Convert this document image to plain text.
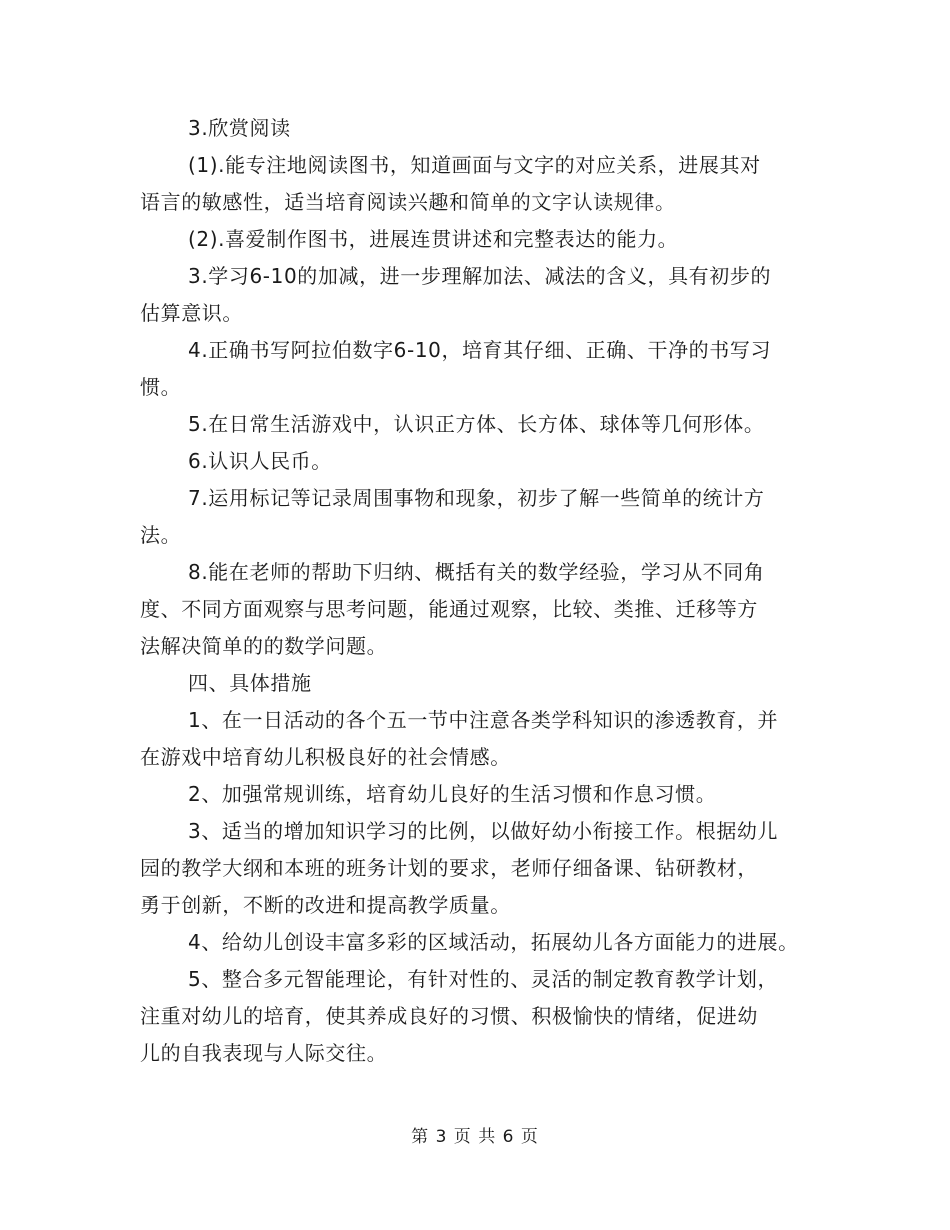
3.欣赏阅读
(1).能专注地阅读图书，知道画面与文字的对应关系，进展其对
语言的敏感性，适当培育阅读兴趣和简单的文字认读规律。
(2).喜爱制作图书，进展连贯讲述和完整表达的能力。
3.学习6-10的加减，进一步理解加法、减法的含义，具有初步的
估算意识。
4.正确书写阿拉伯数字6-10，培育其仔细、正确、干净的书写习
惯。
5.在日常生活游戏中，认识正方体、长方体、球体等几何形体。
6.认识人民币。
7.运用标记等记录周围事物和现象，初步了解一些简单的统计方
法。
8.能在老师的帮助下归纳、概括有关的数学经验，学习从不同角
度、不同方面观察与思考问题，能通过观察，比较、类推、迁移等方
法解决简单的的数学问题。
四、具体措施
1、在一日活动的各个五一节中注意各类学科知识的渗透教育，并
在游戏中培育幼儿积极良好的社会情感。
2、加强常规训练，培育幼儿良好的生活习惯和作息习惯。
3、适当的增加知识学习的比例，以做好幼小衔接工作。根据幼儿
园的教学大纲和本班的班务计划的要求，老师仔细备课、钻研教材，
勇于创新，不断的改进和提高教学质量。
4、给幼儿创设丰富多彩的区域活动，拓展幼儿各方面能力的进展。
5、整合多元智能理论，有针对性的、灵活的制定教育教学计划，
注重对幼儿的培育，使其养成良好的习惯、积极愉快的情绪，促进幼
儿的自我表现与人际交往。
第 3 页 共 6 页
